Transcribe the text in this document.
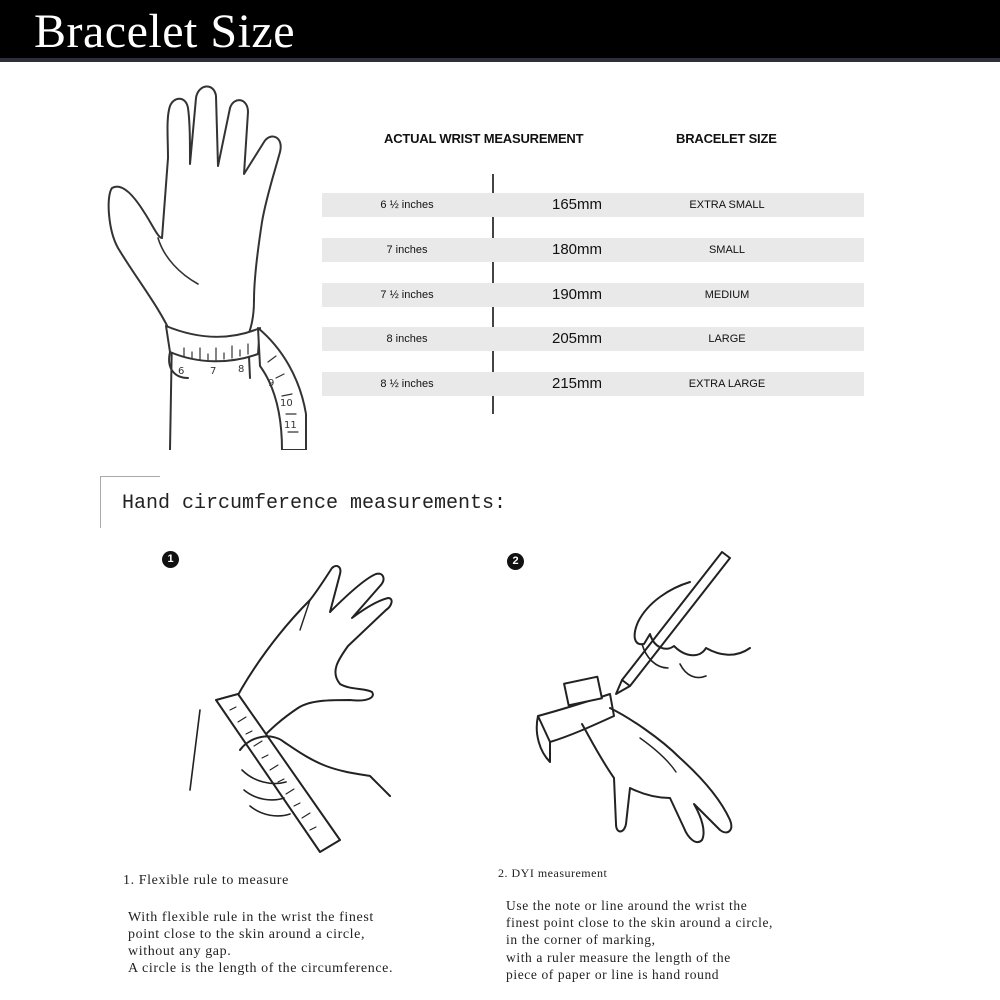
Bracelet Size
6	7 8
9
10
11
ACTUAL WRIST MEASUREMENT	BRACELET SIZE
6 ½ inches	165mm	EXTRA SMALL
7 inches	180mm	SMALL
7 ½ inches	190mm	MEDIUM
8 inches	205mm	LARGE
8 ½ inches	215mm	EXTRA LARGE
Hand circumference measurements:
1
1. Flexible rule to measure
With flexible rule in the wrist the finest
point close to the skin around a circle,
without any gap.
A circle is the length of the circumference.
2
2. DYI measurement
Use the note or line around the wrist the
finest point close to the skin around a circle,
in the corner of marking,
with a ruler measure the length of the
piece of paper or line is hand round
